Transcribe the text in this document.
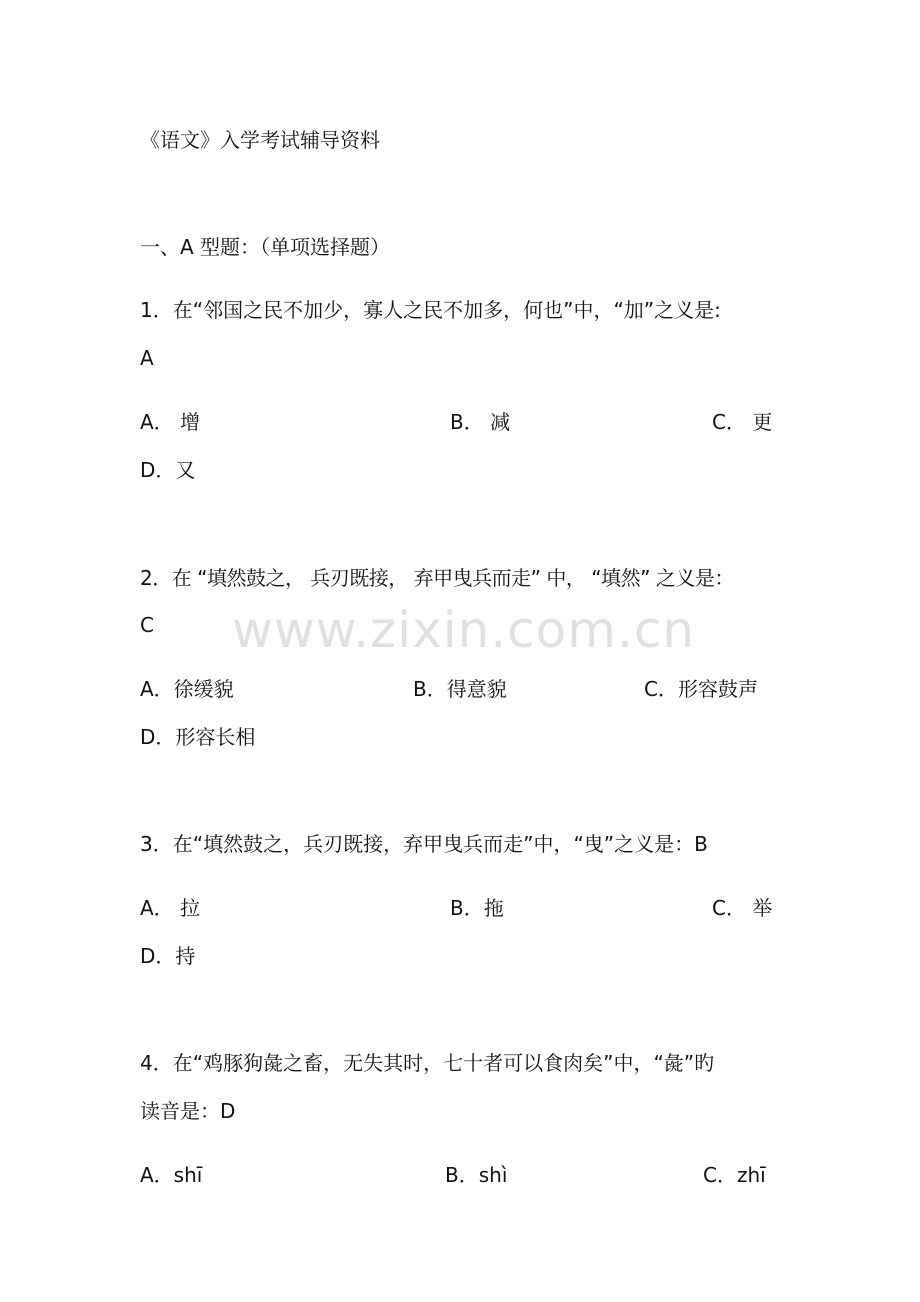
《语文》入学考试辅导资料
一、A 型题：（单项选择题）
1．在“邻国之民不加少，寡人之民不加多，何也”中，“加”之义是:
A
A． 增	B． 减	C． 更
D．又
2．在 “填然鼓之， 兵刃既接， 弃甲曳兵而走” 中， “填然” 之义是：
C
A．徐缓貌	B．得意貌	C．形容鼓声
D．形容长相
3．在“填然鼓之，兵刃既接，弃甲曳兵而走”中，“曳”之义是：B
A． 拉	B．拖	C． 举
D．持
4．在“鸡豚狗彘之畜，无失其时，七十者可以食肉矣”中，“彘”旳
读音是：D
A．shī	B．shì	C．zhī
www.zixin.com.cn
